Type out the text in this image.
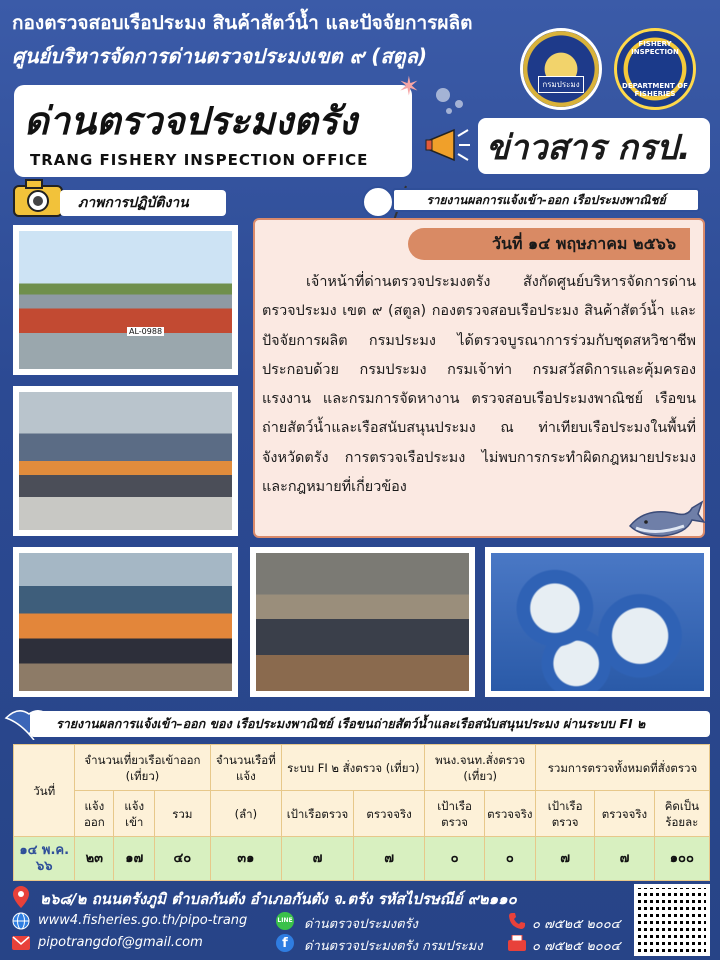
กองตรวจสอบเรือประมง สินค้าสัตว์น้ำ และปัจจัยการผลิต
ศูนย์บริหารจัดการด่านตรวจประมงเขต ๙ (สตูล)
กรมประมง
FISHERY INSPECTION
DEPARTMENT OF FISHERIES
ด่านตรวจประมงตรัง
TRANG FISHERY INSPECTION OFFICE
✶
ข่าวสาร กรป.
ภาพการปฏิบัติงาน	รายงานผลการแจ้งเข้า-ออก เรือประมงพาณิชย์
วันที่ ๑๔ พฤษภาคม ๒๕๖๖
เจ้าหน้าที่ด่านตรวจประมงตรัง สังกัดศูนย์บริหารจัดการด่านตรวจประมง เขต ๙ (สตูล) กองตรวจสอบเรือประมง สินค้าสัตว์น้ำ และปัจจัยการผลิต กรมประมง ได้ตรวจบูรณาการร่วมกับชุดสหวิชาชีพ ประกอบด้วย กรมประมง กรมเจ้าท่า กรมสวัสดิการและคุ้มครองแรงงาน และกรมการจัดหางาน ตรวจสอบเรือประมงพาณิชย์ เรือขนถ่ายสัตว์น้ำและเรือสนับสนุนประมง ณ ท่าเทียบเรือประมงในพื้นที่จังหวัดตรัง การตรวจเรือประมง ไม่พบการกระทำผิดกฎหมายประมงและกฎหมายที่เกี่ยวข้อง
AL-0988
รายงานผลการแจ้งเข้า–ออก ของ เรือประมงพาณิชย์ เรือขนถ่ายสัตว์น้ำและเรือสนับสนุนประมง ผ่านระบบ FI ๒
วันที่	จำนวนเที่ยวเรือเข้าออก (เที่ยว)			จำนวนเรือที่แจ้ง	ระบบ FI ๒ สั่งตรวจ (เที่ยว)		พนง.จนท.สั่งตรวจ (เที่ยว)		รวมการตรวจทั้งหมดที่สั่งตรวจ		
	แจ้งออก	แจ้งเข้า	รวม	(ลำ)	เป้าเรือตรวจ	ตรวจจริง	เป้าเรือตรวจ	ตรวจจริง	เป้าเรือตรวจ	ตรวจจริง	คิดเป็นร้อยละ
๑๔ พ.ค. ๖๖	๒๓	๑๗	๔๐	๓๑	๗	๗	๐	๐	๗	๗	๑๐๐
๒๖๘/๒ ถนนตรังภูมิ ตำบลกันตัง อำเภอกันตัง จ.ตรัง รหัสไปรษณีย์ ๙๒๑๑๐
www4.fisheries.go.th/pipo-trang
pipotrangdof@gmail.com
LINE ด่านตรวจประมงตรัง
f	ด่านตรวจประมงตรัง กรมประมง
๐ ๗๕๒๕ ๒๐๐๔
๐ ๗๕๒๕ ๒๐๐๔
